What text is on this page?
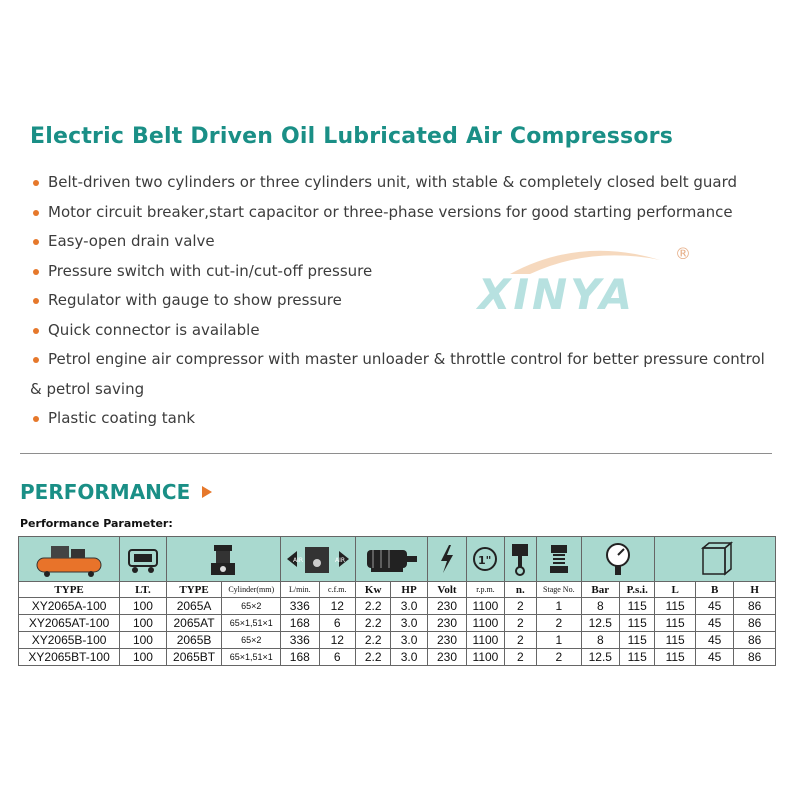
Electric Belt Driven Oil Lubricated Air Compressors
Belt-driven two cylinders or three cylinders unit, with stable & completely closed belt guard
Motor circuit breaker,start capacitor or three-phase versions for good starting performance
Easy-open drain valve
Pressure switch with cut-in/cut-off pressure
Regulator with gauge to show pressure
Quick connector is available
Petrol engine air compressor with master unloader & throttle control for better pressure control & petrol saving
Plastic coating tank
XINYA
®
PERFORMANCE
Performance Parameter:

AIR AIR					1"

TYPE	LT.	TYPE	Cylinder(mm)	L/min.	c.f.m.	Kw	HP	Volt	r.p.m.	n.	Stage No.	Bar	P.s.i.	L	B	H
XY2065A-100	100	2065A	65×2	336	12	2.2	3.0	230	1100	2	1	8	115	115	45	86
XY2065AT-100	100	2065AT	65×1,51×1	168	6	2.2	3.0	230	1100	2	2	12.5	115	115	45	86
XY2065B-100	100	2065B	65×2	336	12	2.2	3.0	230	1100	2	1	8	115	115	45	86
XY2065BT-100	100	2065BT	65×1,51×1	168	6	2.2	3.0	230	1100	2	2	12.5	115	115	45	86
